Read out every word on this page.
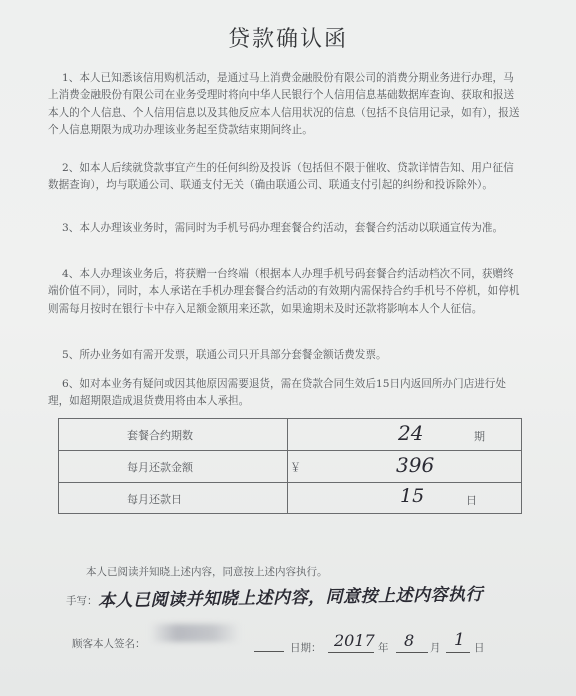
贷款确认函
1、本人已知悉该信用购机活动，是通过马上消费金融股份有限公司的消费分期业务进行办理，马上消费金融股份有限公司在业务受理时将向中华人民银行个人信用信息基础数据库查询、获取和报送本人的个人信息、个人信用信息以及其他反应本人信用状况的信息（包括不良信用记录，如有），报送个人信息期限为成功办理该业务起至贷款结束期间终止。
2、如本人后续就贷款事宜产生的任何纠纷及投诉（包括但不限于催收、贷款详情告知、用户征信数据查询），均与联通公司、联通支付无关（确由联通公司、联通支付引起的纠纷和投诉除外）。
3、本人办理该业务时，需同时为手机号码办理套餐合约活动，套餐合约活动以联通宣传为准。
4、本人办理该业务后，将获赠一台终端（根据本人办理手机号码套餐合约活动档次不同，获赠终端价值不同），同时，本人承诺在手机办理套餐合约活动的有效期内需保持合约手机号不停机，如停机则需每月按时在银行卡中存入足额金额用来还款，如果逾期未及时还款将影响本人个人征信。
5、所办业务如有需开发票，联通公司只开具部分套餐金额话费发票。
6、如对本业务有疑问或因其他原因需要退货，需在贷款合同生效后15日内返回所办门店进行处理，如超期限造成退货费用将由本人承担。
套餐合约期数	24	期
每月还款金额	￥	396
每月还款日	15	日
本人已阅读并知晓上述内容，同意按上述内容执行。
手写： 本人已阅读并知晓上述内容，同意按上述内容执行
顾客本人签名：	日期： 2017 年 8 月 1 日
